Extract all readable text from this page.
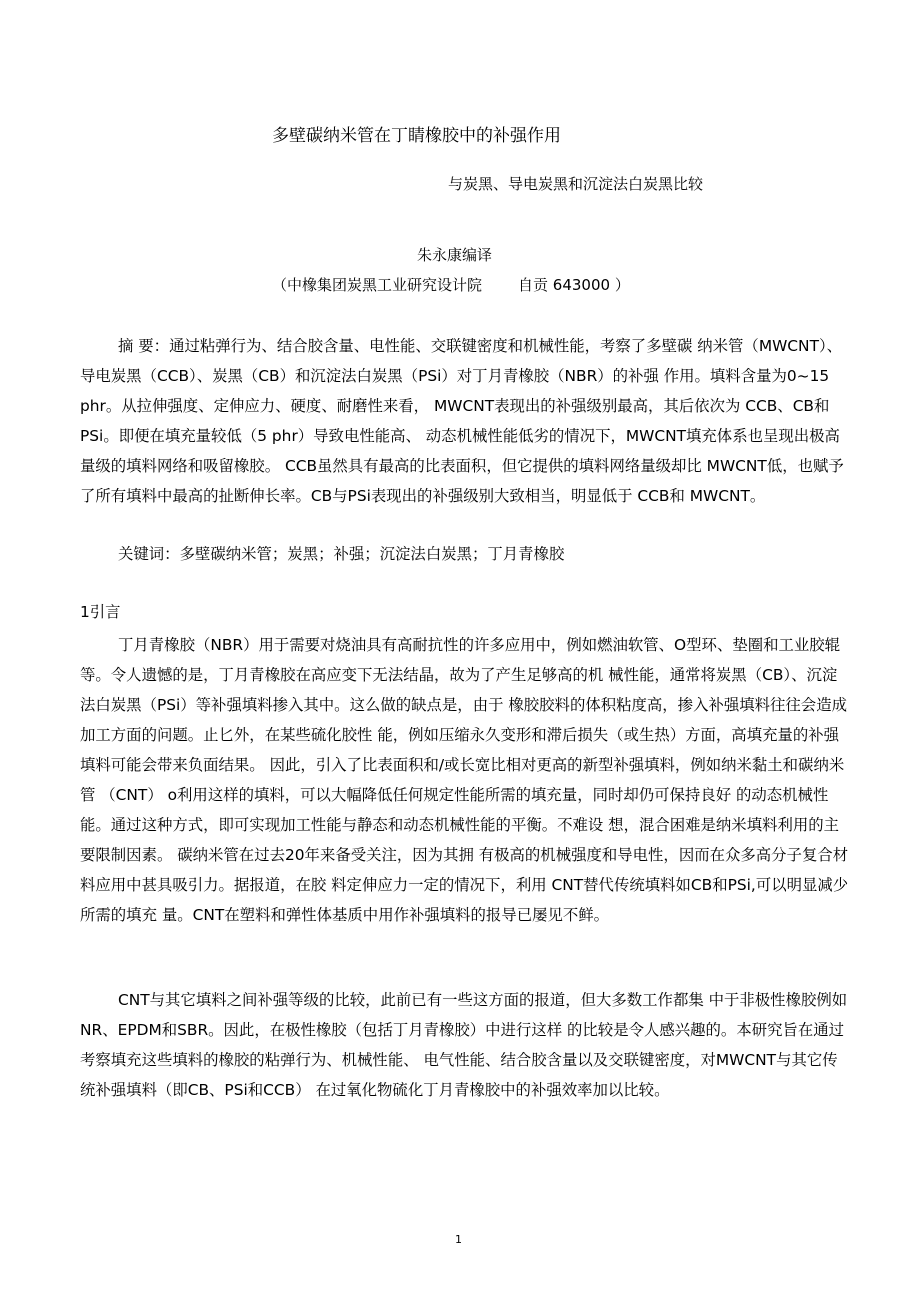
多壁碳纳米管在丁睛橡胶中的补强作用
与炭黑、导电炭黑和沉淀法白炭黑比较
朱永康编译
（中橡集团炭黑工业研究设计院 自贡 643000 ）
摘 要：通过粘弹行为、结合胶含量、电性能、交联键密度和机械性能，考察了多壁碳 纳米管（MWCNT）、导电炭黑（CCB）、炭黑（CB）和沉淀法白炭黑（PSi）对丁月青橡胶（NBR）的补强 作用。填料含量为0~15 phr。从拉伸强度、定伸应力、硬度、耐磨性来看， MWCNT表现出的补强级别最高，其后依次为 CCB、CB和PSi。即便在填充量较低（5 phr）导致电性能高、 动态机械性能低劣的情况下，MWCNT填充体系也呈现出极高量级的填料网络和吸留橡胶。 CCB虽然具有最高的比表面积，但它提供的填料网络量级却比 MWCNT低，也赋予了所有填料中最高的扯断伸长率。CB与PSi表现出的补强级别大致相当，明显低于 CCB和 MWCNT。
关键词：多壁碳纳米管；炭黑；补强；沉淀法白炭黑；丁月青橡胶
1引言
丁月青橡胶（NBR）用于需要对烧油具有高耐抗性的许多应用中，例如燃油软管、O型环、垫圈和工业胶辊等。令人遗憾的是，丁月青橡胶在高应变下无法结晶，故为了产生足够高的机 械性能，通常将炭黑（CB）、沉淀法白炭黑（PSi）等补强填料掺入其中。这么做的缺点是，由于 橡胶胶料的体积粘度高，掺入补强填料往往会造成加工方面的问题。止匕外，在某些硫化胶性 能，例如压缩永久变形和滞后损失（或生热）方面，高填充量的补强填料可能会带来负面结果。 因此，引入了比表面积和/或长宽比相对更高的新型补强填料，例如纳米黏土和碳纳米管 （CNT） o利用这样的填料，可以大幅降低任何规定性能所需的填充量，同时却仍可保持良好 的动态机械性能。通过这种方式，即可实现加工性能与静态和动态机械性能的平衡。不难设 想，混合困难是纳米填料利用的主要限制因素。 碳纳米管在过去20年来备受关注，因为其拥 有极高的机械强度和导电性，因而在众多高分子复合材料应用中甚具吸引力。据报道，在胶 料定伸应力一定的情况下，利用 CNT替代传统填料如CB和PSi,可以明显减少所需的填充 量。CNT在塑料和弹性体基质中用作补强填料的报导已屡见不鲜。
CNT与其它填料之间补强等级的比较，此前已有一些这方面的报道，但大多数工作都集 中于非极性橡胶例如NR、EPDM和SBR。因此，在极性橡胶（包括丁月青橡胶）中进行这样 的比较是令人感兴趣的。本研究旨在通过考察填充这些填料的橡胶的粘弹行为、机械性能、 电气性能、结合胶含量以及交联键密度，对MWCNT与其它传统补强填料（即CB、PSi和CCB） 在过氧化物硫化丁月青橡胶中的补强效率加以比较。
1
